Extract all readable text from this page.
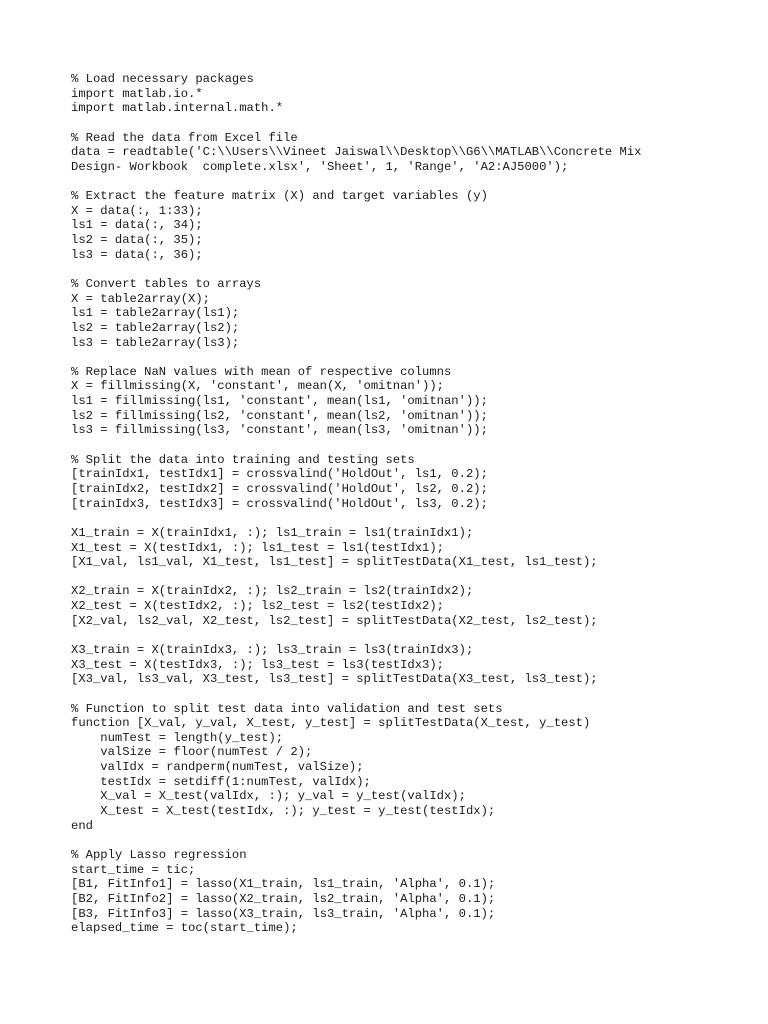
% Load necessary packages
import matlab.io.*
import matlab.internal.math.*
% Read the data from Excel file
data = readtable('C:\\Users\\Vineet Jaiswal\\Desktop\\G6\\MATLAB\\Concrete Mix
Design- Workbook  complete.xlsx', 'Sheet', 1, 'Range', 'A2:AJ5000');
% Extract the feature matrix (X) and target variables (y)
X = data(:, 1:33);
ls1 = data(:, 34);
ls2 = data(:, 35);
ls3 = data(:, 36);
% Convert tables to arrays
X = table2array(X);
ls1 = table2array(ls1);
ls2 = table2array(ls2);
ls3 = table2array(ls3);
% Replace NaN values with mean of respective columns
X = fillmissing(X, 'constant', mean(X, 'omitnan'));
ls1 = fillmissing(ls1, 'constant', mean(ls1, 'omitnan'));
ls2 = fillmissing(ls2, 'constant', mean(ls2, 'omitnan'));
ls3 = fillmissing(ls3, 'constant', mean(ls3, 'omitnan'));
% Split the data into training and testing sets
[trainIdx1, testIdx1] = crossvalind('HoldOut', ls1, 0.2);
[trainIdx2, testIdx2] = crossvalind('HoldOut', ls2, 0.2);
[trainIdx3, testIdx3] = crossvalind('HoldOut', ls3, 0.2);
X1_train = X(trainIdx1, :); ls1_train = ls1(trainIdx1);
X1_test = X(testIdx1, :); ls1_test = ls1(testIdx1);
[X1_val, ls1_val, X1_test, ls1_test] = splitTestData(X1_test, ls1_test);
X2_train = X(trainIdx2, :); ls2_train = ls2(trainIdx2);
X2_test = X(testIdx2, :); ls2_test = ls2(testIdx2);
[X2_val, ls2_val, X2_test, ls2_test] = splitTestData(X2_test, ls2_test);
X3_train = X(trainIdx3, :); ls3_train = ls3(trainIdx3);
X3_test = X(testIdx3, :); ls3_test = ls3(testIdx3);
[X3_val, ls3_val, X3_test, ls3_test] = splitTestData(X3_test, ls3_test);
% Function to split test data into validation and test sets
function [X_val, y_val, X_test, y_test] = splitTestData(X_test, y_test)
numTest = length(y_test);
valSize = floor(numTest / 2);
valIdx = randperm(numTest, valSize);
testIdx = setdiff(1:numTest, valIdx);
X_val = X_test(valIdx, :); y_val = y_test(valIdx);
X_test = X_test(testIdx, :); y_test = y_test(testIdx);
end
% Apply Lasso regression
start_time = tic;
[B1, FitInfo1] = lasso(X1_train, ls1_train, 'Alpha', 0.1);
[B2, FitInfo2] = lasso(X2_train, ls2_train, 'Alpha', 0.1);
[B3, FitInfo3] = lasso(X3_train, ls3_train, 'Alpha', 0.1);
elapsed_time = toc(start_time);
